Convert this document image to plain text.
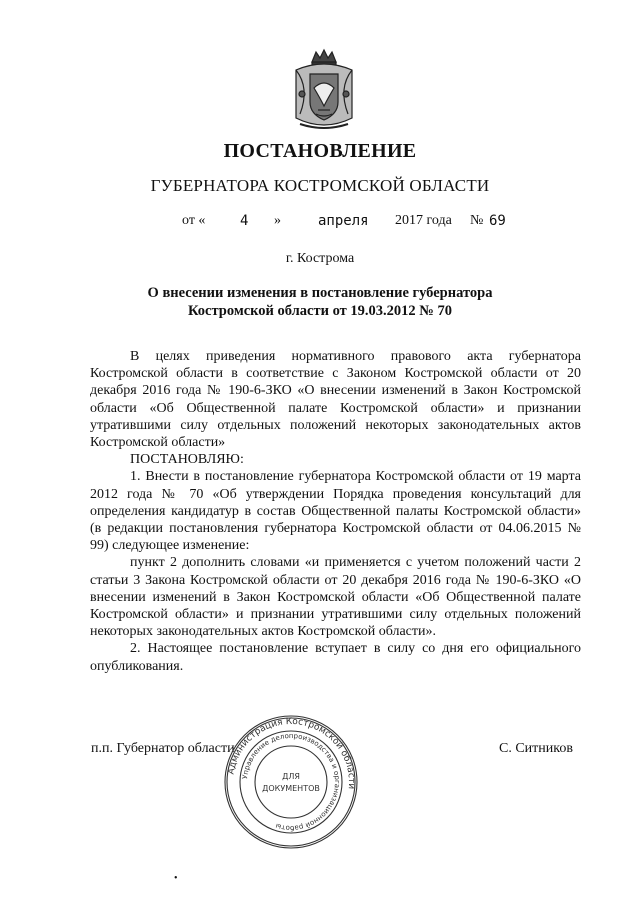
ПОСТАНОВЛЕНИЕ
ГУБЕРНАТОРА КОСТРОМСКОЙ ОБЛАСТИ
от « 4 »	апреля 2017 года № 69
г. Кострома
О внесении изменения в постановление губернатора
Костромской области от 19.03.2012 № 70

В целях приведения нормативного правового акта губернатора Костромской области в соответствие с Законом Костромской области от 20 декабря 2016 года № 190-6-ЗКО «О внесении изменений в Закон Костромской области «Об Общественной палате Костромской области» и признании утратившими силу отдельных положений некоторых законодательных актов Костромской области»

ПОСТАНОВЛЯЮ:

1. Внести в постановление губернатора Костромской области от 19 марта 2012 года № 70 «Об утверждении Порядка проведения консультаций для определения кандидатур в состав Общественной палаты Костромской области» (в редакции постановления губернатора Костромской области от 04.06.2015 № 99) следующее изменение:

пункт 2 дополнить словами «и применяется с учетом положений части 2 статьи 3 Закона Костромской области от 20 декабря 2016 года № 190-6-ЗКО «О внесении изменений в Закон Костромской области «Об Общественной палате Костромской области» и признании утратившими силу отдельных положений некоторых законодательных актов Костромской области».

2. Настоящее постановление вступает в силу со дня его официального опубликования.

п.п. Губернатор области	С. Ситников
Администрация Костромской области
Управление делопроизводства и организационной работы
ДЛЯ
ДОКУМЕНТОВ
•
